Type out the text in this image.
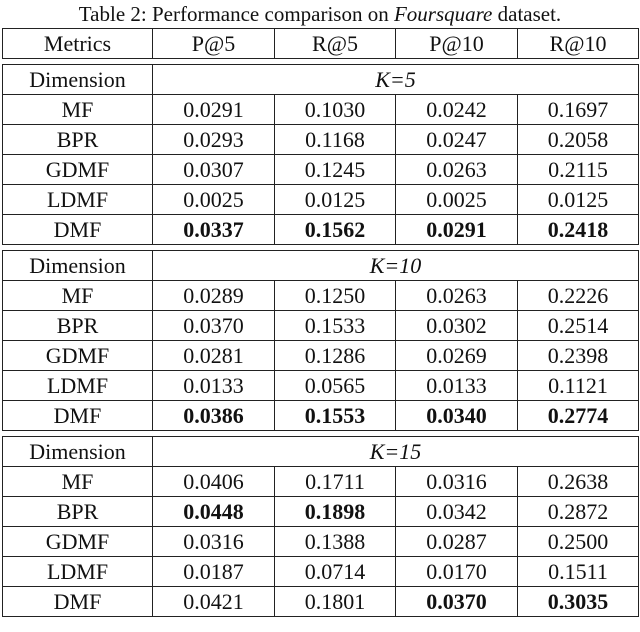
Table 2: Performance comparison on Foursquare dataset.
Metrics	P@5	R@5	P@10	R@10

Dimension	K=5			
MF	0.0291	0.1030	0.0242	0.1697
BPR	0.0293	0.1168	0.0247	0.2058
GDMF	0.0307	0.1245	0.0263	0.2115
LDMF	0.0025	0.0125	0.0025	0.0125
DMF	0.0337	0.1562	0.0291	0.2418

Dimension	K=10			
MF	0.0289	0.1250	0.0263	0.2226
BPR	0.0370	0.1533	0.0302	0.2514
GDMF	0.0281	0.1286	0.0269	0.2398
LDMF	0.0133	0.0565	0.0133	0.1121
DMF	0.0386	0.1553	0.0340	0.2774

Dimension	K=15			
MF	0.0406	0.1711	0.0316	0.2638
BPR	0.0448	0.1898	0.0342	0.2872
GDMF	0.0316	0.1388	0.0287	0.2500
LDMF	0.0187	0.0714	0.0170	0.1511
DMF	0.0421	0.1801	0.0370	0.3035
